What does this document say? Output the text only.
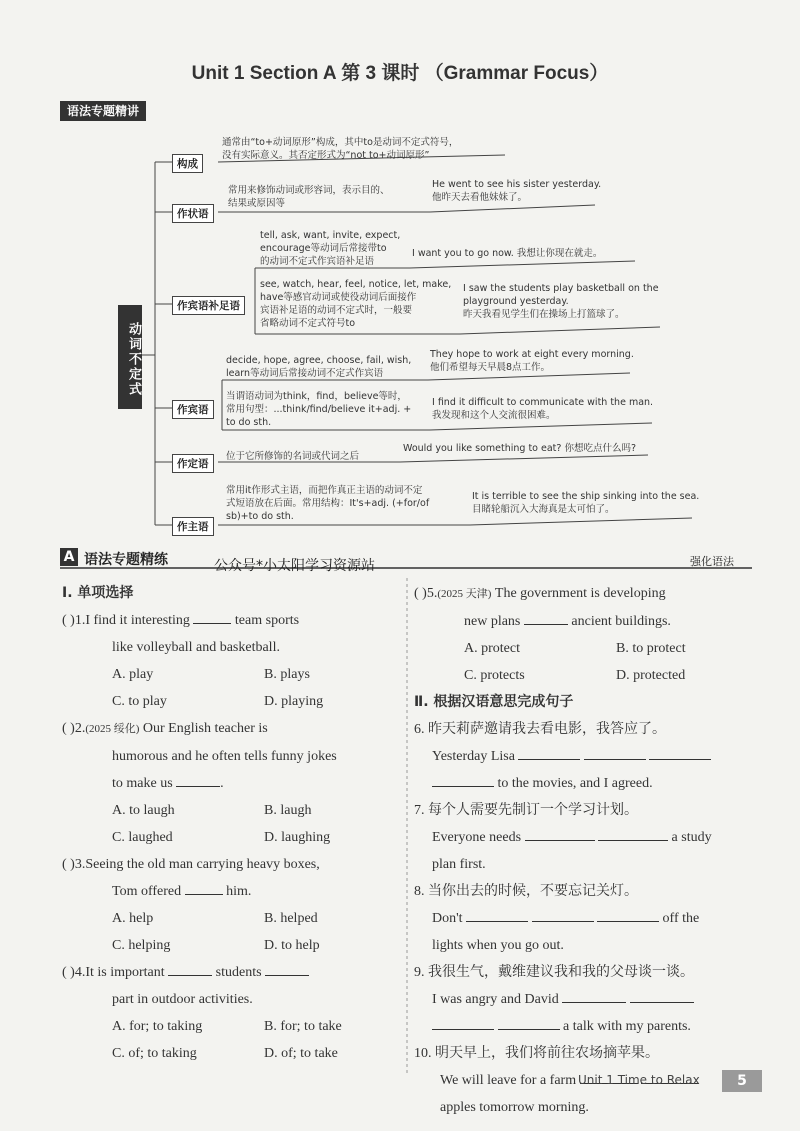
Unit 1 Section A 第 3 课时 （Grammar Focus）
语法专题精讲
动词不定式
构成
通常由“to+动词原形”构成，其中to是动词不定式符号，
没有实际意义。其否定形式为“not to+动词原形”
作状语
常用来修饰动词或形容词，表示目的、
结果或原因等
He went to see his sister yesterday.
他昨天去看他妹妹了。
作宾语补足语
tell, ask, want, invite, expect,
encourage等动词后常接带to
的动词不定式作宾语补足语
I want you to go now. 我想让你现在就走。
see, watch, hear, feel, notice, let, make,
have等感官动词或使役动词后面接作
宾语补足语的动词不定式时，一般要
省略动词不定式符号to
I saw the students play basketball on the
playground yesterday.
昨天我看见学生们在操场上打篮球了。
作宾语
decide, hope, agree, choose, fail, wish,
learn等动词后常接动词不定式作宾语
They hope to work at eight every morning.
他们希望每天早晨8点工作。
当谓语动词为think，find，believe等时，
常用句型：...think/find/believe it+adj. +
to do sth.
I find it difficult to communicate with the man.
我发现和这个人交流很困难。
作定语
位于它所修饰的名词或代词之后
Would you like something to eat? 你想吃点什么吗?
作主语
常用it作形式主语，而把作真正主语的动词不定
式短语放在后面。常用结构：It's+adj. (+for/of
sb)+to do sth.
It is terrible to see the ship sinking into the sea.
目睹轮船沉入大海真是太可怕了。
A 语法专题精练	公众号*小太阳学习资源站	强化语法
Ⅰ. 单项选择
( )1.I find it interesting	team sports
like volleyball and basketball.
A. play	B. plays
C. to play	D. playing
( )2.(2025 绥化) Our English teacher is
humorous and he often tells funny jokes
to make us	.
A. to laugh	B. laugh
C. laughed	D. laughing
( )3.Seeing the old man carrying heavy boxes,
Tom offered	him.
A. help	B. helped
C. helping	D. to help
( )4.It is important	students
part in outdoor activities.
A. for; to taking	B. for; to take
C. of; to taking	D. of; to take
( )5.(2025 天津) The government is developing
new plans	ancient buildings.
A. protect	B. to protect
C. protects	D. protected
Ⅱ. 根据汉语意思完成句子
6. 昨天莉萨邀请我去看电影，我答应了。
Yesterday Lisa
to the movies, and I agreed.
7. 每个人需要先制订一个学习计划。
Everyone needs	a study
plan first.
8. 当你出去的时候，不要忘记关灯。
Don't	off the
lights when you go out.
9. 我很生气，戴维建议我和我的父母谈一谈。
I was angry and David
a talk with my parents.
10. 明天早上，我们将前往农场摘苹果。
We will leave for a farm
apples tomorrow morning.
Unit 1 Time to Relax	5
